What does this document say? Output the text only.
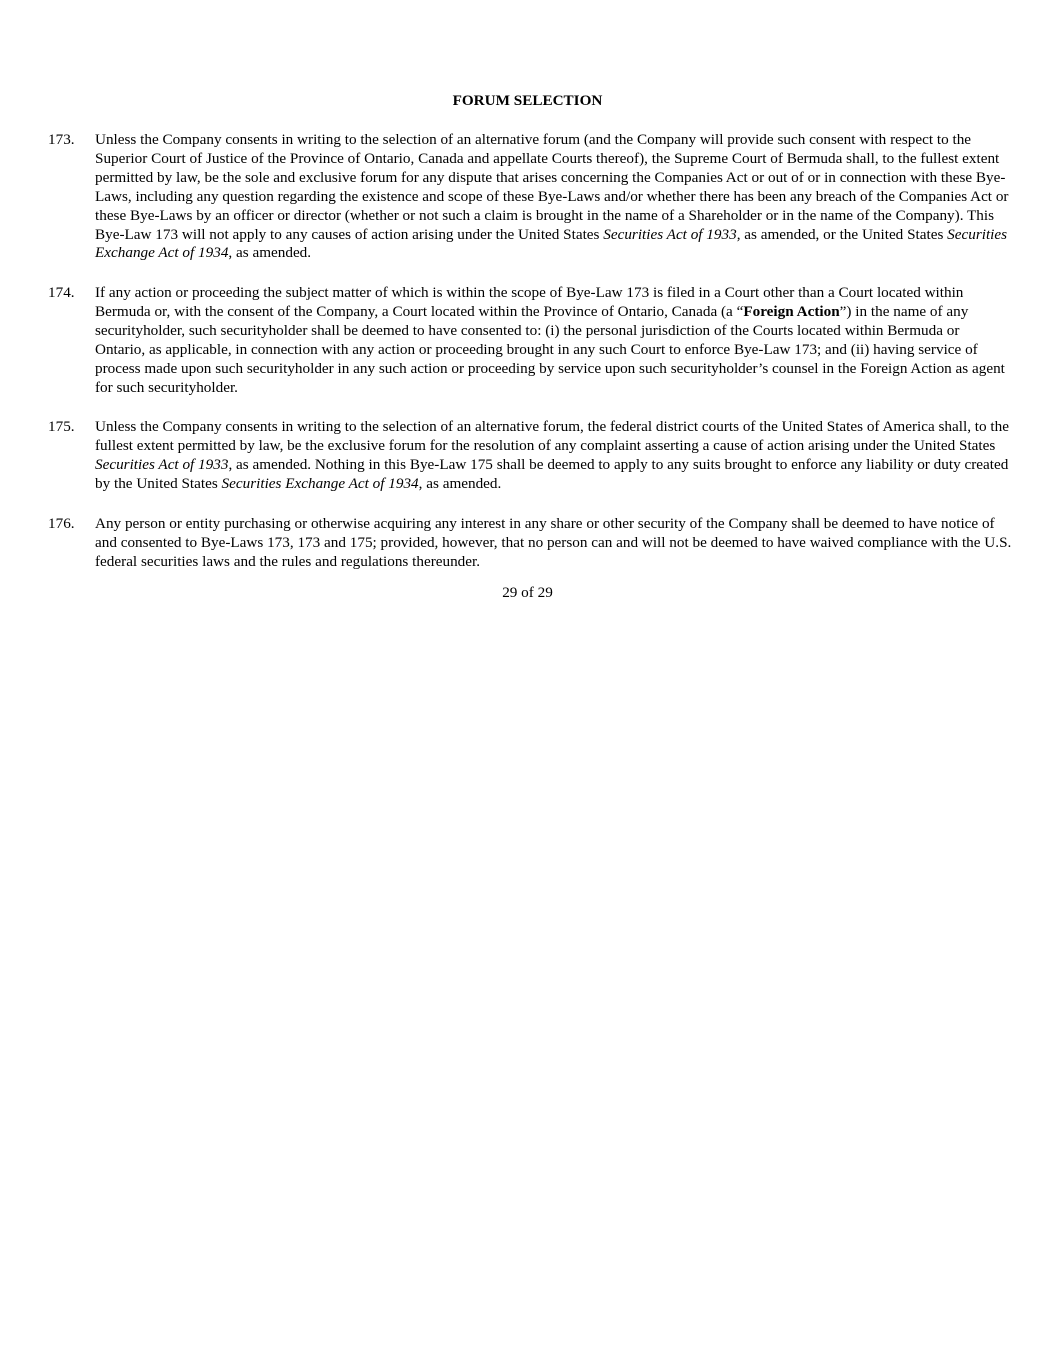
FORUM SELECTION
173. Unless the Company consents in writing to the selection of an alternative forum (and the Company will provide such consent with respect to the Superior Court of Justice of the Province of Ontario, Canada and appellate Courts thereof), the Supreme Court of Bermuda shall, to the fullest extent permitted by law, be the sole and exclusive forum for any dispute that arises concerning the Companies Act or out of or in connection with these Bye-Laws, including any question regarding the existence and scope of these Bye-Laws and/or whether there has been any breach of the Companies Act or these Bye-Laws by an officer or director (whether or not such a claim is brought in the name of a Shareholder or in the name of the Company). This Bye-Law 173 will not apply to any causes of action arising under the United States Securities Act of 1933, as amended, or the United States Securities Exchange Act of 1934, as amended.
174. If any action or proceeding the subject matter of which is within the scope of Bye-Law 173 is filed in a Court other than a Court located within Bermuda or, with the consent of the Company, a Court located within the Province of Ontario, Canada (a “Foreign Action”) in the name of any securityholder, such securityholder shall be deemed to have consented to: (i) the personal jurisdiction of the Courts located within Bermuda or Ontario, as applicable, in connection with any action or proceeding brought in any such Court to enforce Bye-Law 173; and (ii) having service of process made upon such securityholder in any such action or proceeding by service upon such securityholder’s counsel in the Foreign Action as agent for such securityholder.
175. Unless the Company consents in writing to the selection of an alternative forum, the federal district courts of the United States of America shall, to the fullest extent permitted by law, be the exclusive forum for the resolution of any complaint asserting a cause of action arising under the United States Securities Act of 1933, as amended. Nothing in this Bye-Law 175 shall be deemed to apply to any suits brought to enforce any liability or duty created by the United States Securities Exchange Act of 1934, as amended.
176. Any person or entity purchasing or otherwise acquiring any interest in any share or other security of the Company shall be deemed to have notice of and consented to Bye-Laws 173, 173 and 175; provided, however, that no person can and will not be deemed to have waived compliance with the U.S. federal securities laws and the rules and regulations thereunder.
29 of 29
